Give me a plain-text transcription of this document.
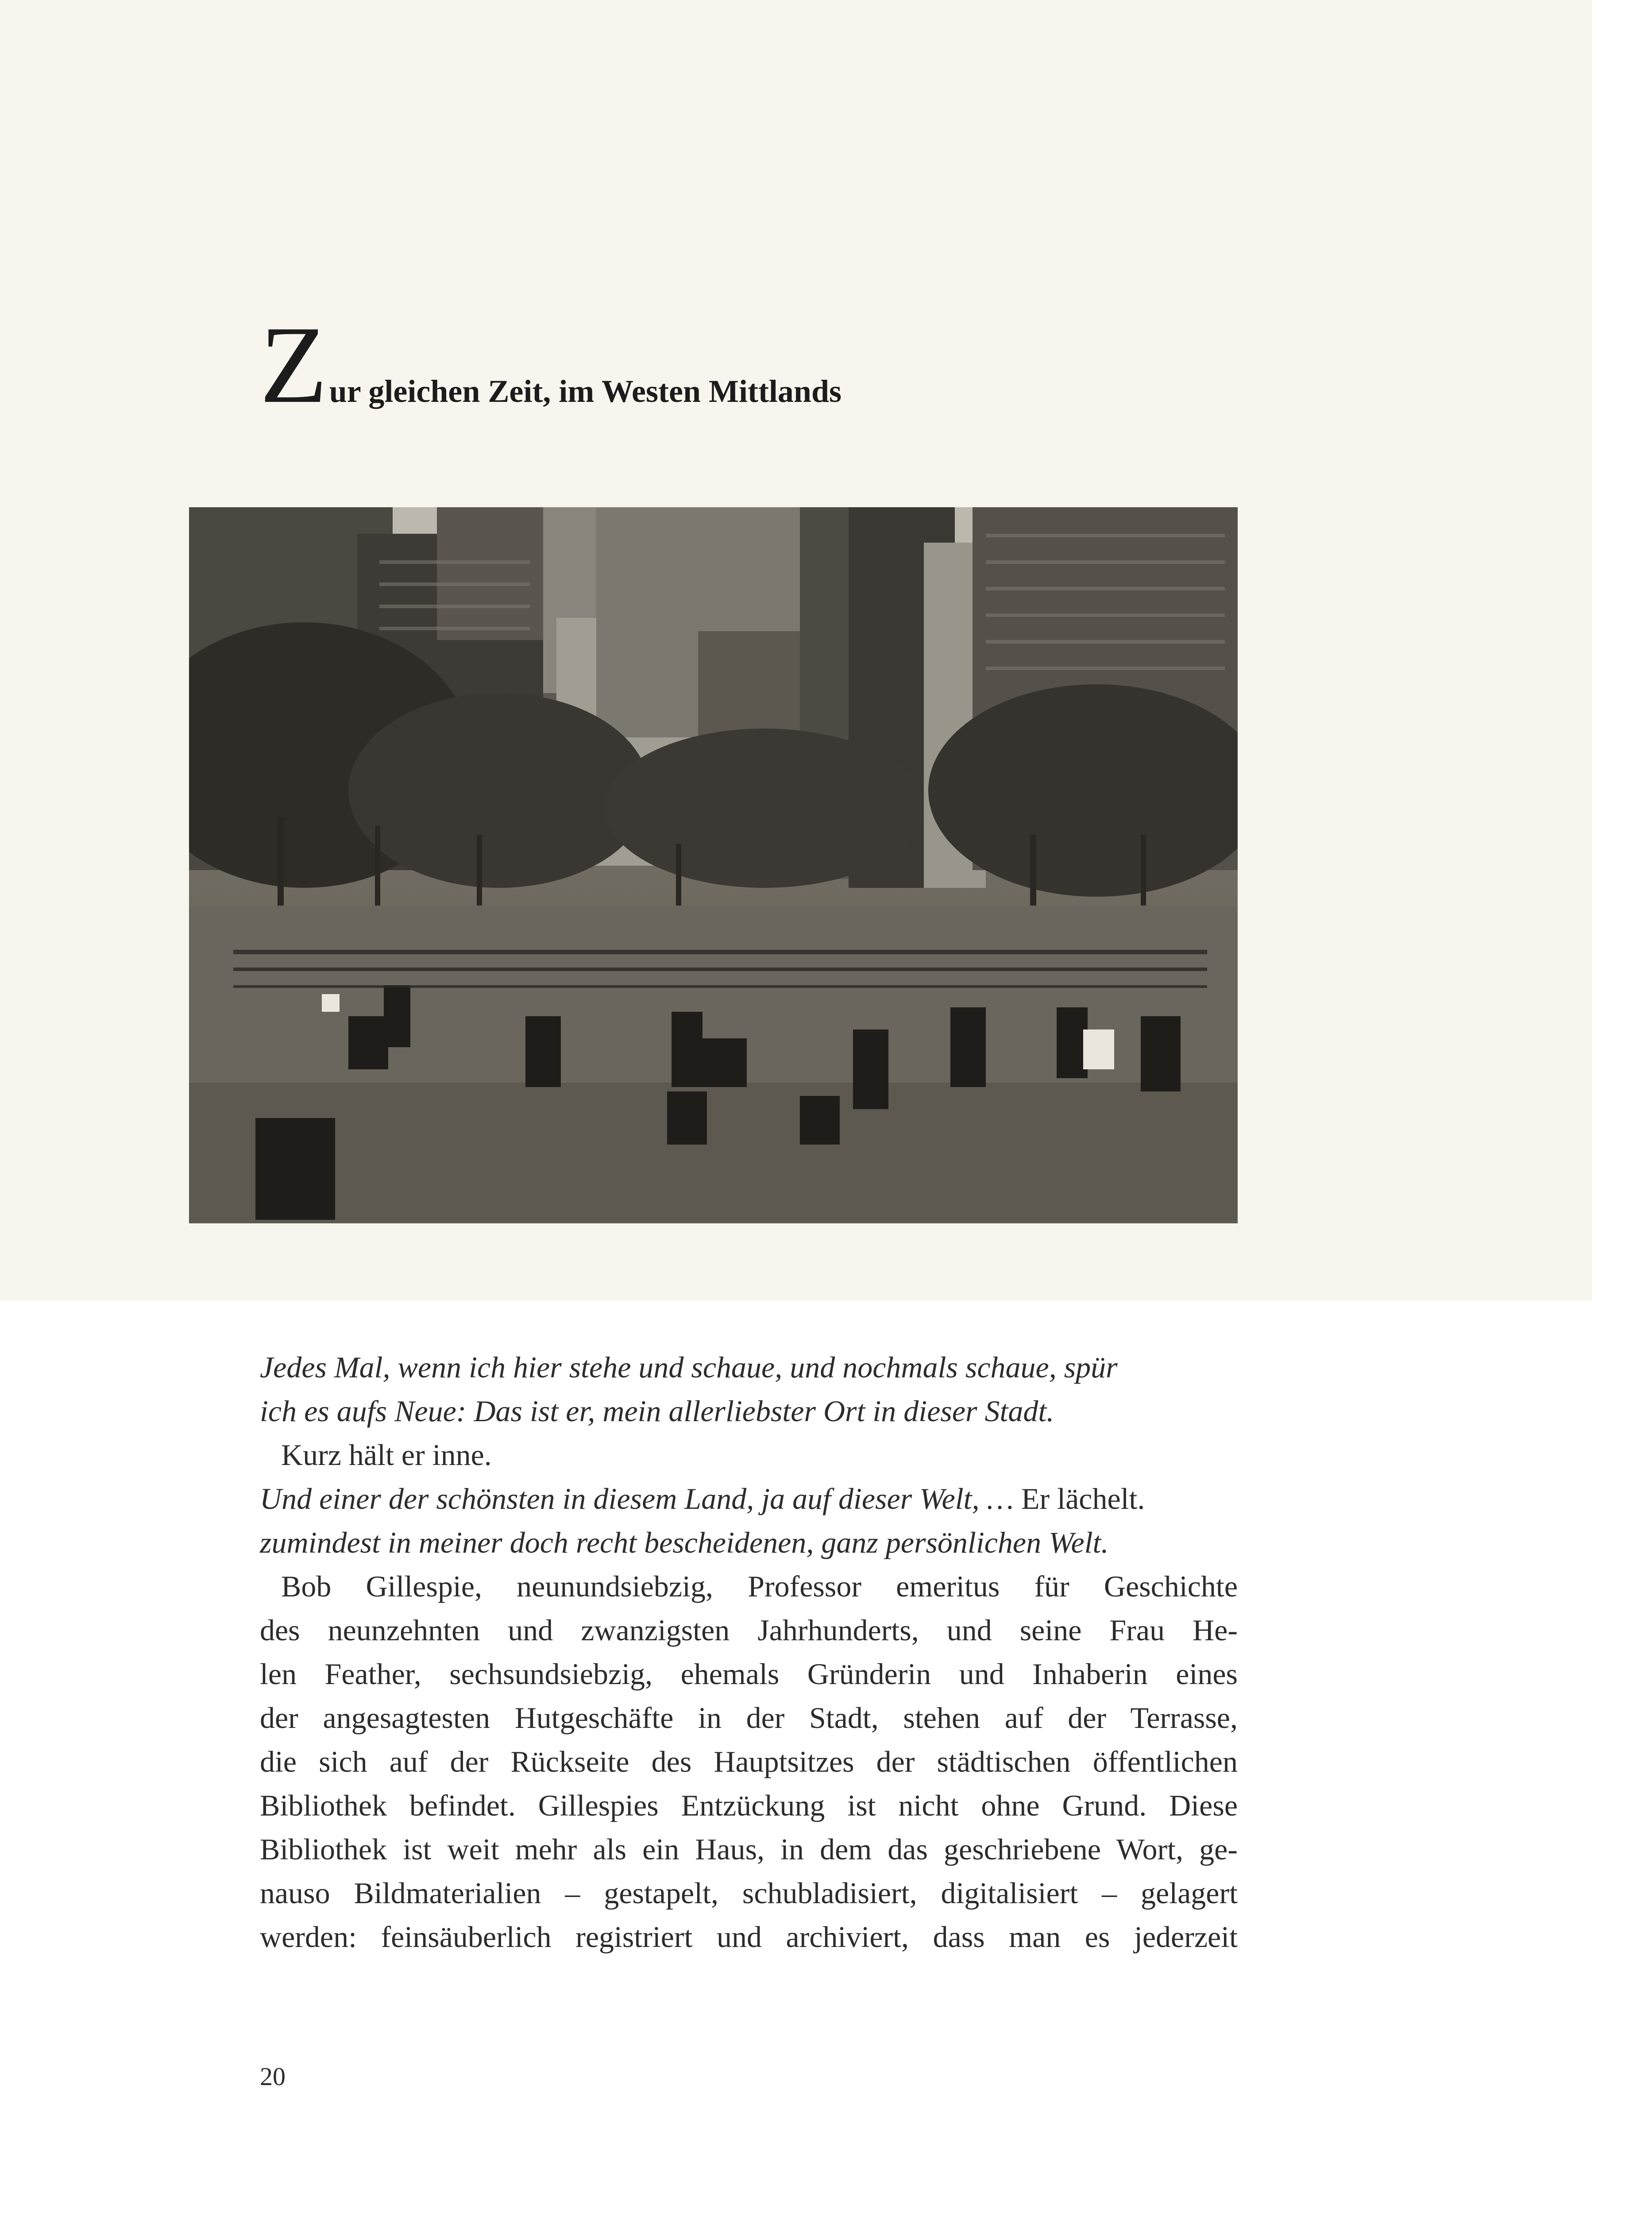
Zur gleichen Zeit, im Westen Mittlands
Jedes Mal, wenn ich hier stehe und schaue, und nochmals schaue, spür
ich es aufs Neue: Das ist er, mein allerliebster Ort in dieser Stadt.
Kurz hält er inne.
Und einer der schönsten in diesem Land, ja auf dieser Welt, … Er lächelt.
zumindest in meiner doch recht bescheidenen, ganz persönlichen Welt.
Bob Gillespie, neunundsiebzig, Professor emeritus für Geschichte
des neunzehnten und zwanzigsten Jahrhunderts, und seine Frau He-
len Feather, sechsundsiebzig, ehemals Gründerin und Inhaberin eines
der angesagtesten Hutgeschäfte in der Stadt, stehen auf der Terrasse,
die sich auf der Rückseite des Hauptsitzes der städtischen öffentlichen
Bibliothek befindet. Gillespies Entzückung ist nicht ohne Grund. Diese
Bibliothek ist weit mehr als ein Haus, in dem das geschriebene Wort, ge-
nauso Bildmaterialien – gestapelt, schubladisiert, digitalisiert – gelagert
werden: feinsäuberlich registriert und archiviert, dass man es jederzeit
20
